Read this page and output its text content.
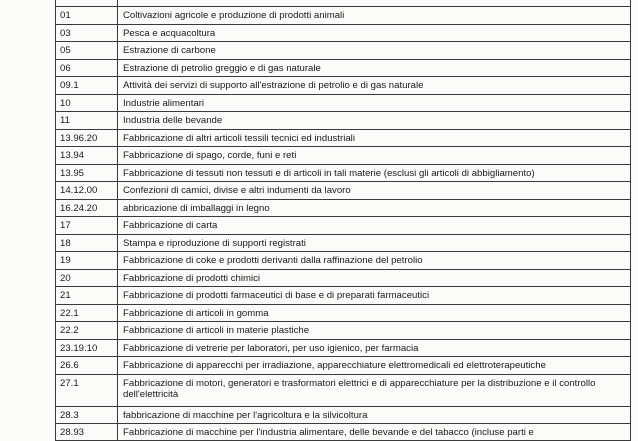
01	Coltivazioni agricole e produzione di prodotti animali
03	Pesca e acquacoltura
05	Estrazione di carbone
06	Estrazione di petrolio greggio e di gas naturale
09.1	Attività dei servizi di supporto all'estrazione di petrolio e di gas naturale
10	Industrie alimentari
11	Industria delle bevande
13.96.20	Fabbricazione di altri articoli tessili tecnici ed industriali
13.94	Fabbricazione di spago, corde, funi e reti
13.95	Fabbricazione di tessuti non tessuti e di articoli in tali materie (esclusi gli articoli di abbigliamento)
14.12.00	Confezioni di camici, divise e altri indumenti da lavoro
16.24.20	abbricazione di imballaggi in legno
17	Fabbricazione di carta
18	Stampa e riproduzione di supporti registrati
19	Fabbricazione di coke e prodotti derivanti dalla raffinazione del petrolio
20	Fabbricazione di prodotti chimici
21	Fabbricazione di prodotti farmaceutici di base e di preparati farmaceutici
22.1	Fabbricazione di articoli in gomma
22.2	Fabbricazione di articoli in materie plastiche
23.19.10	Fabbricazione di vetrerie per laboratori, per uso igienico, per farmacia
26.6	Fabbricazione di apparecchi per irradiazione, apparecchiature elettromedicali ed elettroterapeutiche
27.1	Fabbricazione di motori, generatori e trasformatori elettrici e di apparecchiature per la distribuzione e il controllo dell'elettricità
28.3	fabbricazione di macchine per l'agricoltura e la silvicoltura
28.93	Fabbricazione di macchine per l'industria alimentare, delle bevande e del tabacco (incluse parti e
